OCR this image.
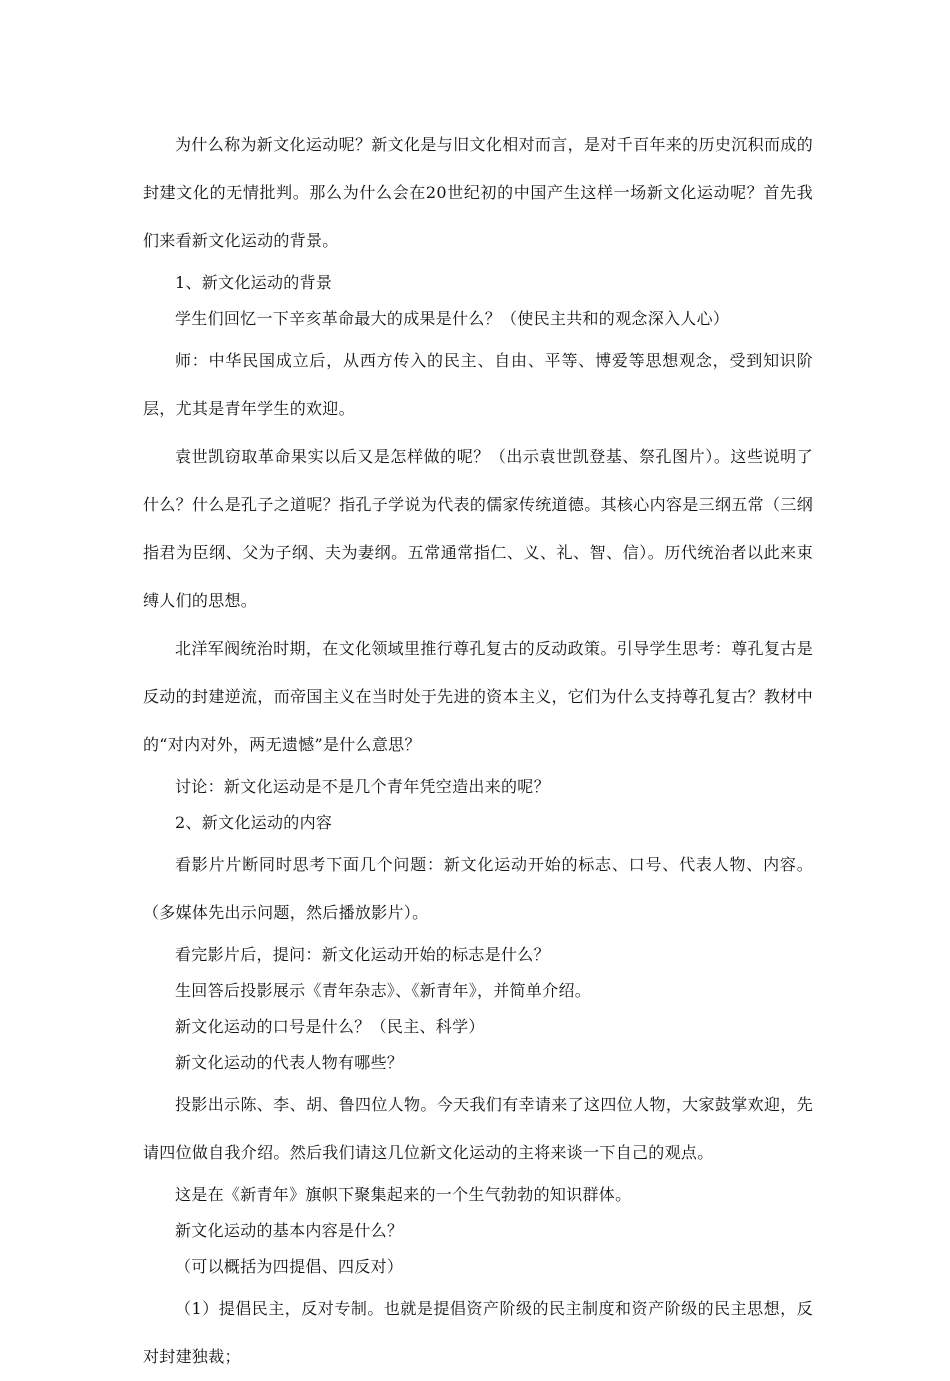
为什么称为新文化运动呢？新文化是与旧文化相对而言，是对千百年来的历史沉积而成的封建文化的无情批判。那么为什么会在20世纪初的中国产生这样一场新文化运动呢？首先我们来看新文化运动的背景。

1、新文化运动的背景

学生们回忆一下辛亥革命最大的成果是什么？（使民主共和的观念深入人心）

师：中华民国成立后，从西方传入的民主、自由、平等、博爱等思想观念，受到知识阶层，尤其是青年学生的欢迎。

袁世凯窃取革命果实以后又是怎样做的呢？（出示袁世凯登基、祭孔图片）。这些说明了什么？什么是孔子之道呢？指孔子学说为代表的儒家传统道德。其核心内容是三纲五常（三纲指君为臣纲、父为子纲、夫为妻纲。五常通常指仁、义、礼、智、信）。历代统治者以此来束缚人们的思想。

北洋军阀统治时期，在文化领域里推行尊孔复古的反动政策。引导学生思考：尊孔复古是反动的封建逆流，而帝国主义在当时处于先进的资本主义，它们为什么支持尊孔复古？教材中的“对内对外，两无遗憾”是什么意思？

讨论：新文化运动是不是几个青年凭空造出来的呢？

2、新文化运动的内容

看影片片断同时思考下面几个问题：新文化运动开始的标志、口号、代表人物、内容。（多媒体先出示问题，然后播放影片）。

看完影片后，提问：新文化运动开始的标志是什么？

生回答后投影展示《青年杂志》、《新青年》，并简单介绍。

新文化运动的口号是什么？（民主、科学）

新文化运动的代表人物有哪些？

投影出示陈、李、胡、鲁四位人物。今天我们有幸请来了这四位人物，大家鼓掌欢迎，先请四位做自我介绍。然后我们请这几位新文化运动的主将来谈一下自己的观点。

这是在《新青年》旗帜下聚集起来的一个生气勃勃的知识群体。

新文化运动的基本内容是什么？

（可以概括为四提倡、四反对）

（1）提倡民主，反对专制。也就是提倡资产阶级的民主制度和资产阶级的民主思想，反对封建独裁；
